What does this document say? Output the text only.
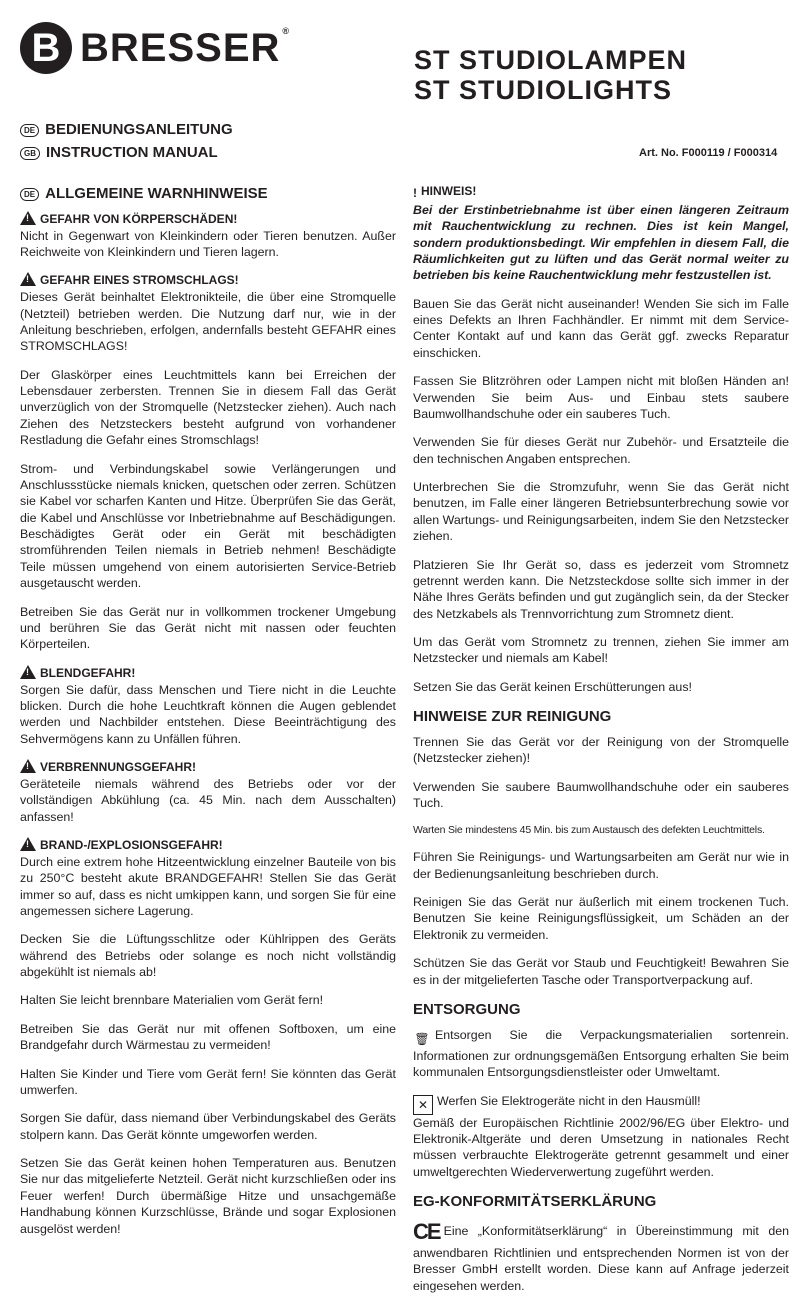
B BRESSER ®
ST STUDIOLAMPEN
ST STUDIOLIGHTS
DE BEDIENUNGSANLEITUNG
GB INSTRUCTION MANUAL	Art. No. F000119 / F000314
DE ALLGEMEINE WARNHINWEISE
! GEFAHR VON KÖRPERSCHÄDEN!

Nicht in Gegenwart von Kleinkindern oder Tieren benutzen. Außer Reichweite von Kleinkindern und Tieren lagern.

! GEFAHR EINES STROMSCHLAGS!

Dieses Gerät beinhaltet Elektronikteile, die über eine Stromquelle (Netzteil) betrieben werden. Die Nutzung darf nur, wie in der Anleitung beschrieben, erfolgen, andernfalls besteht GEFAHR eines STROMSCHLAGS!

Der Glaskörper eines Leuchtmittels kann bei Erreichen der Lebensdauer zerbersten. Trennen Sie in diesem Fall das Gerät unverzüglich von der Stromquelle (Netzstecker ziehen). Auch nach Ziehen des Netzsteckers besteht aufgrund von vorhandener Restladung die Gefahr eines Stromschlags!

Strom- und Verbindungskabel sowie Verlängerungen und Anschlussstücke niemals knicken, quetschen oder zerren. Schützen sie Kabel vor scharfen Kanten und Hitze. Überprüfen Sie das Gerät, die Kabel und Anschlüsse vor Inbetriebnahme auf Beschädigungen. Beschädigtes Gerät oder ein Gerät mit beschädigten stromführenden Teilen niemals in Betrieb nehmen! Beschädigte Teile müssen umgehend von einem autorisierten Service-Betrieb ausgetauscht werden.

Betreiben Sie das Gerät nur in vollkommen trockener Umgebung und berühren Sie das Gerät nicht mit nassen oder feuchten Körperteilen.

! BLENDGEFAHR!

Sorgen Sie dafür, dass Menschen und Tiere nicht in die Leuchte blicken. Durch die hohe Leuchtkraft können die Augen geblendet werden und Nachbilder entstehen. Diese Beeinträchtigung des Sehvermögens kann zu Unfällen führen.

! VERBRENNUNGSGEFAHR!

Geräteteile niemals während des Betriebs oder vor der vollständigen Abkühlung (ca. 45 Min. nach dem Ausschalten) anfassen!

! BRAND-/EXPLOSIONSGEFAHR!

Durch eine extrem hohe Hitzeentwicklung einzelner Bauteile von bis zu 250°C besteht akute BRANDGEFAHR! Stellen Sie das Gerät immer so auf, dass es nicht umkippen kann, und sorgen Sie für eine angemessen sichere Lagerung.

Decken Sie die Lüftungsschlitze oder Kühlrippen des Geräts während des Betriebs oder solange es noch nicht vollständig abgekühlt ist niemals ab!

Halten Sie leicht brennbare Materialien vom Gerät fern!

Betreiben Sie das Gerät nur mit offenen Softboxen, um eine Brandgefahr durch Wärmestau zu vermeiden!

Halten Sie Kinder und Tiere vom Gerät fern! Sie könnten das Gerät umwerfen.

Sorgen Sie dafür, dass niemand über Verbindungskabel des Geräts stolpern kann. Das Gerät könnte umgeworfen werden.

Setzen Sie das Gerät keinen hohen Temperaturen aus. Benutzen Sie nur das mitgelieferte Netzteil. Gerät nicht kurzschließen oder ins Feuer werfen! Durch übermäßige Hitze und unsachgemäße Handhabung können Kurzschlüsse, Brände und sogar Explosionen ausgelöst werden!

! HINWEIS!

Bei der Erstinbetriebnahme ist über einen längeren Zeitraum mit Rauchentwicklung zu rechnen. Dies ist kein Mangel, sondern produktionsbedingt. Wir empfehlen in diesem Fall, die Räumlichkeiten gut zu lüften und das Gerät normal weiter zu betrieben bis keine Rauchentwicklung mehr festzustellen ist.

Bauen Sie das Gerät nicht auseinander! Wenden Sie sich im Falle eines Defekts an Ihren Fachhändler. Er nimmt mit dem Service-Center Kontakt auf und kann das Gerät ggf. zwecks Reparatur einschicken.

Fassen Sie Blitzröhren oder Lampen nicht mit bloßen Händen an! Verwenden Sie beim Aus- und Einbau stets saubere Baumwollhandschuhe oder ein sauberes Tuch.

Verwenden Sie für dieses Gerät nur Zubehör- und Ersatzteile die den technischen Angaben entsprechen.

Unterbrechen Sie die Stromzufuhr, wenn Sie das Gerät nicht benutzen, im Falle einer längeren Betriebsunterbrechung sowie vor allen Wartungs- und Reinigungsarbeiten, indem Sie den Netzstecker ziehen.

Platzieren Sie Ihr Gerät so, dass es jederzeit vom Stromnetz getrennt werden kann. Die Netzsteckdose sollte sich immer in der Nähe Ihres Geräts befinden und gut zugänglich sein, da der Stecker des Netzkabels als Trennvorrichtung zum Stromnetz dient.

Um das Gerät vom Stromnetz zu trennen, ziehen Sie immer am Netzstecker und niemals am Kabel!

Setzen Sie das Gerät keinen Erschütterungen aus!

HINWEISE ZUR REINIGUNG

Trennen Sie das Gerät vor der Reinigung von der Stromquelle (Netzstecker ziehen)!

Verwenden Sie saubere Baumwollhandschuhe oder ein sauberes Tuch.

Warten Sie mindestens 45 Min. bis zum Austausch des defekten Leuchtmittels.

Führen Sie Reinigungs- und Wartungsarbeiten am Gerät nur wie in der Bedienungsanleitung beschrieben durch.

Reinigen Sie das Gerät nur äußerlich mit einem trockenen Tuch. Benutzen Sie keine Reinigungsflüssigkeit, um Schäden an der Elektronik zu vermeiden.

Schützen Sie das Gerät vor Staub und Feuchtigkeit! Bewahren Sie es in der mitgelieferten Tasche oder Transportverpackung auf.

ENTSORGUNG

🗑 Entsorgen Sie die Verpackungsmaterialien sortenrein. Informationen zur ordnungsgemäßen Entsorgung erhalten Sie beim kommunalen Entsorgungsdienstleister oder Umweltamt.

✕ Werfen Sie Elektrogeräte nicht in den Hausmüll!

Gemäß der Europäischen Richtlinie 2002/96/EG über Elektro- und Elektronik-Altgeräte und deren Umsetzung in nationales Recht müssen verbrauchte Elektrogeräte getrennt gesammelt und einer umweltgerechten Wiederverwertung zugeführt werden.

EG-KONFORMITÄTSERKLÄRUNG

CE Eine „Konformitätserklärung“ in Übereinstimmung mit den anwendbaren Richtlinien und entsprechenden Normen ist von der Bresser GmbH erstellt worden. Diese kann auf Anfrage jederzeit eingesehen werden.
